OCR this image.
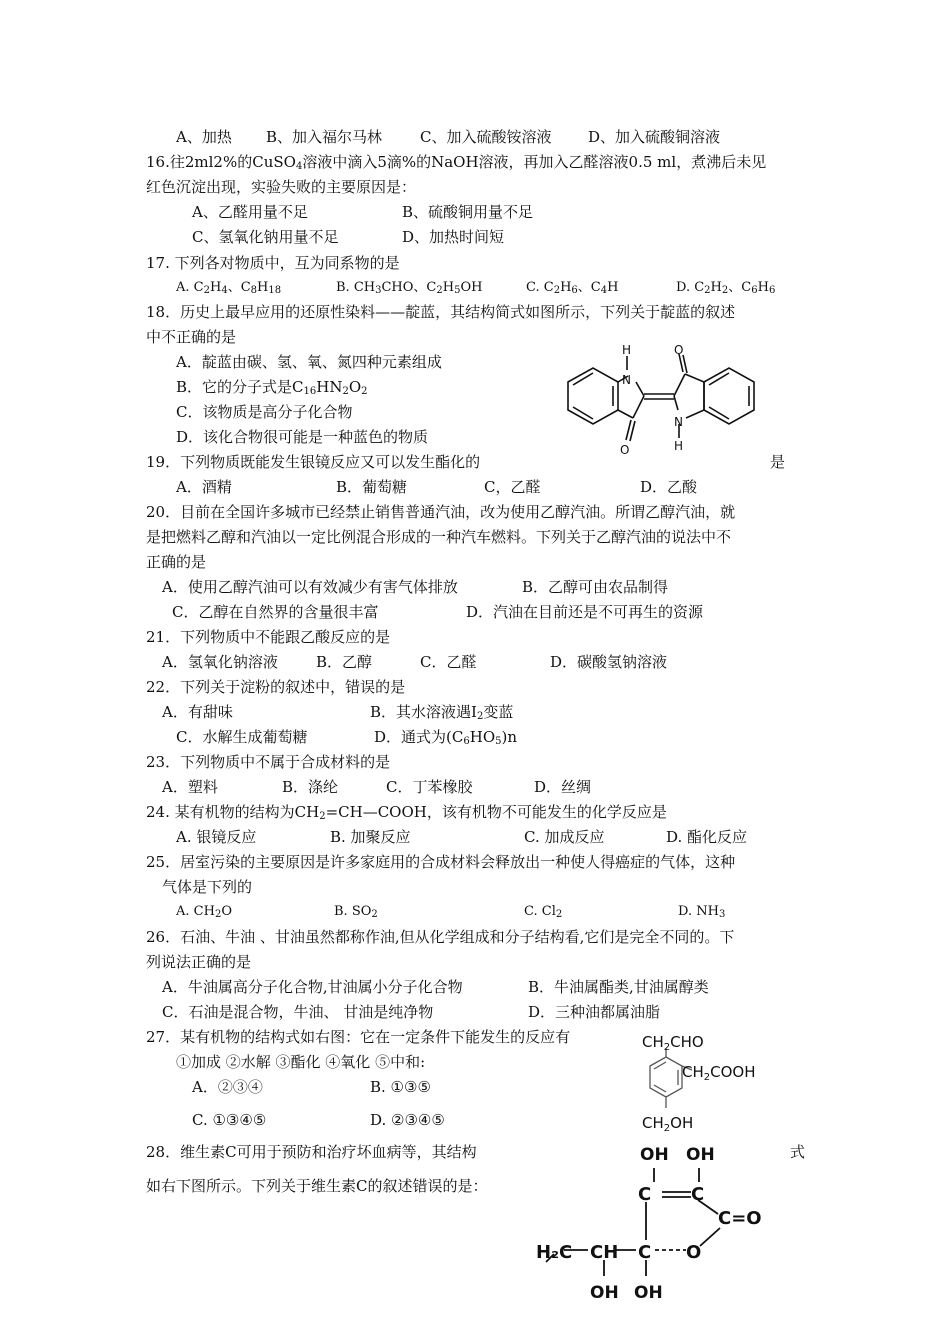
A、加热 B、加入福尔马林	C、加入硫酸铵溶液 D、加入硫酸铜溶液
16.往2ml2%的CuSO$_4$溶液中滴入5滴%的NaOH溶液，再加入乙醛溶液0.5 ml，煮沸后未见
红色沉淀出现，实验失败的主要原因是：
A、乙醛用量不足	B、硫酸铜用量不足
C、氢氧化钠用量不足	D、加热时间短
17. 下列各对物质中，互为同系物的是
A. $C_2H_4$、$C_8H_{18}$	B. $CH_3CHO$、$C_2H_5OH$	C. $C_2H_6$、$C_4H$	D. $C_2H_2$、$C_6H_6$
18．历史上最早应用的还原性染料——靛蓝，其结构简式如图所示，下列关于靛蓝的叙述
中不正确的是
A．靛蓝由碳、氢、氧、氮四种元素组成
B．它的分子式是$C_{16}HN_2O_2$
C．该物质是高分子化合物
D．该化合物很可能是一种蓝色的物质
H
N
O
O
N
H
19．下列物质既能发生银镜反应又可以发生酯化的	是
A．酒精	B．葡萄糖	C，乙醛	D．乙酸
20．目前在全国许多城市已经禁止销售普通汽油，改为使用乙醇汽油。所谓乙醇汽油，就
是把燃料乙醇和汽油以一定比例混合形成的一种汽车燃料。下列关于乙醇汽油的说法中不
正确的是
A．使用乙醇汽油可以有效减少有害气体排放	B．乙醇可由农品制得
C．乙醇在自然界的含量很丰富	D．汽油在目前还是不可再生的资源
21．下列物质中不能跟乙酸反应的是
A．氢氧化钠溶液	B．乙醇	C．乙醛	D．碳酸氢钠溶液
22．下列关于淀粉的叙述中，错误的是
A．有甜味	B．其水溶液遇$I_2$变蓝
C．水解生成葡萄糖	D．通式为$(C_6HO_5)n$
23．下列物质中不属于合成材料的是
A．塑料	B．涤纶	C．丁苯橡胶	D．丝绸
24. 某有机物的结构为$CH_2=CH—COOH$，该有机物不可能发生的化学反应是
A. 银镜反应	B. 加聚反应	C. 加成反应	D. 酯化反应
25．居室污染的主要原因是许多家庭用的合成材料会释放出一种使人得癌症的气体，这种
气体是下列的
A. $CH_2O$	B. $SO_2$	C. $Cl_2$	D. $NH_3$
26．石油、牛油 、甘油虽然都称作油,但从化学组成和分子结构看,它们是完全不同的。下
列说法正确的是
A．牛油属高分子化合物,甘油属小分子化合物	B．牛油属酯类,甘油属醇类
C．石油是混合物，牛油、 甘油是纯净物	D．三种油都属油脂
27．某有机物的结构式如右图：它在一定条件下能发生的反应有
①加成 ②水解 ③酯化 ④氧化 ⑤中和:
A．②③④	B. ①③⑤
C. ①③④⑤	D. ②③④⑤
$CH_2CHO$
$CH_2COOH$
$CH_2OH$
28．维生素C可用于预防和治疗坏血病等，其结构	式
如右下图所示。下列关于维生素C的叙述错误的是：
OH OH
C C
C=O
H₂C CH C O
OH OH
